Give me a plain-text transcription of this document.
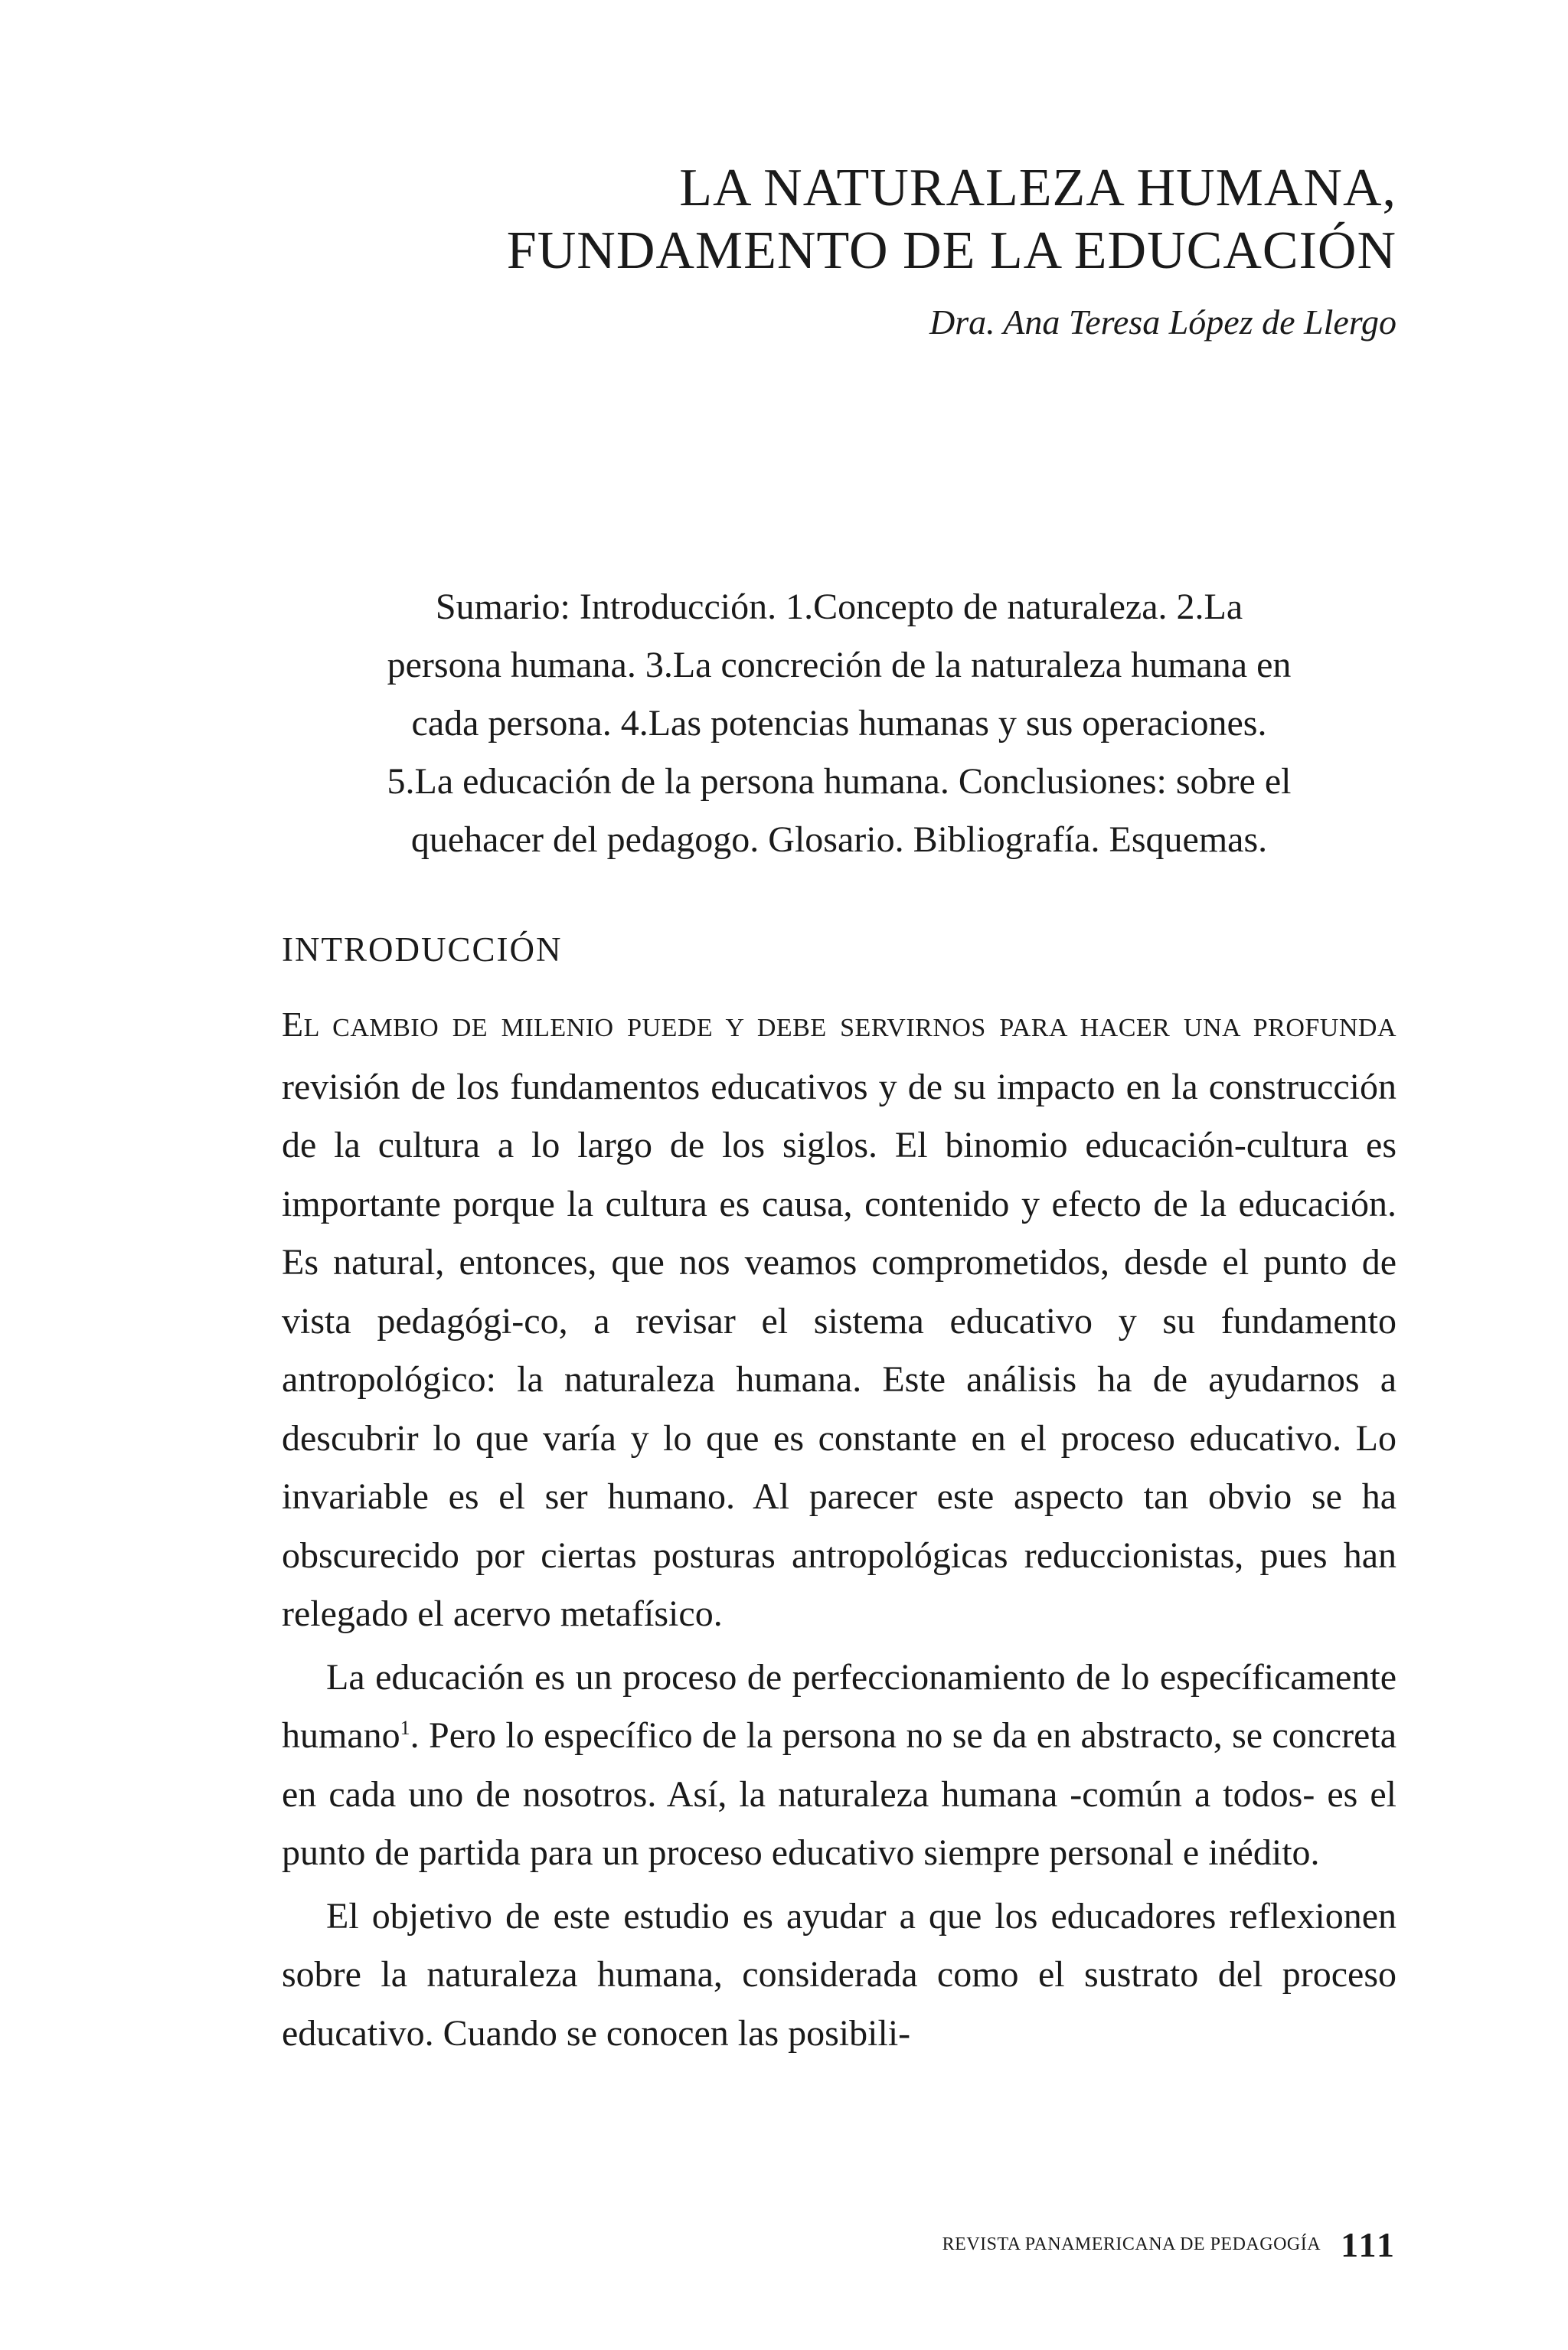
LA NATURALEZA HUMANA,
FUNDAMENTO DE LA EDUCACIÓN
Dra. Ana Teresa López de Llergo
Sumario: Introducción. 1.Concepto de naturaleza. 2.La
persona humana. 3.La concreción de la naturaleza humana en
cada persona. 4.Las potencias humanas y sus operaciones.
5.La educación de la persona humana. Conclusiones: sobre el
quehacer del pedagogo. Glosario. Bibliografía. Esquemas.
INTRODUCCIÓN

EL CAMBIO DE MILENIO PUEDE Y DEBE SERVIRNOS PARA HACER UNA PROFUNDA revisión de los fundamentos educativos y de su impacto en la construcción de la cultura a lo largo de los siglos. El binomio educación-cultura es importante porque la cultura es causa, contenido y efecto de la educación. Es natural, entonces, que nos veamos comprometidos, desde el punto de vista pedagógi-co, a revisar el sistema educativo y su fundamento antropológico: la naturaleza humana. Este análisis ha de ayudarnos a descubrir lo que varía y lo que es constante en el proceso educativo. Lo invariable es el ser humano. Al parecer este aspecto tan obvio se ha obscurecido por ciertas posturas antropológicas reduccionistas, pues han relegado el acervo metafísico.

La educación es un proceso de perfeccionamiento de lo específicamente humano$^1$. Pero lo específico de la persona no se da en abstracto, se concreta en cada uno de nosotros. Así, la naturaleza humana -común a todos- es el punto de partida para un proceso educativo siempre personal e inédito.

El objetivo de este estudio es ayudar a que los educadores reflexionen sobre la naturaleza humana, considerada como el sustrato del proceso educativo. Cuando se conocen las posibili-

REVISTA PANAMERICANA DE PEDAGOGÍA 111
